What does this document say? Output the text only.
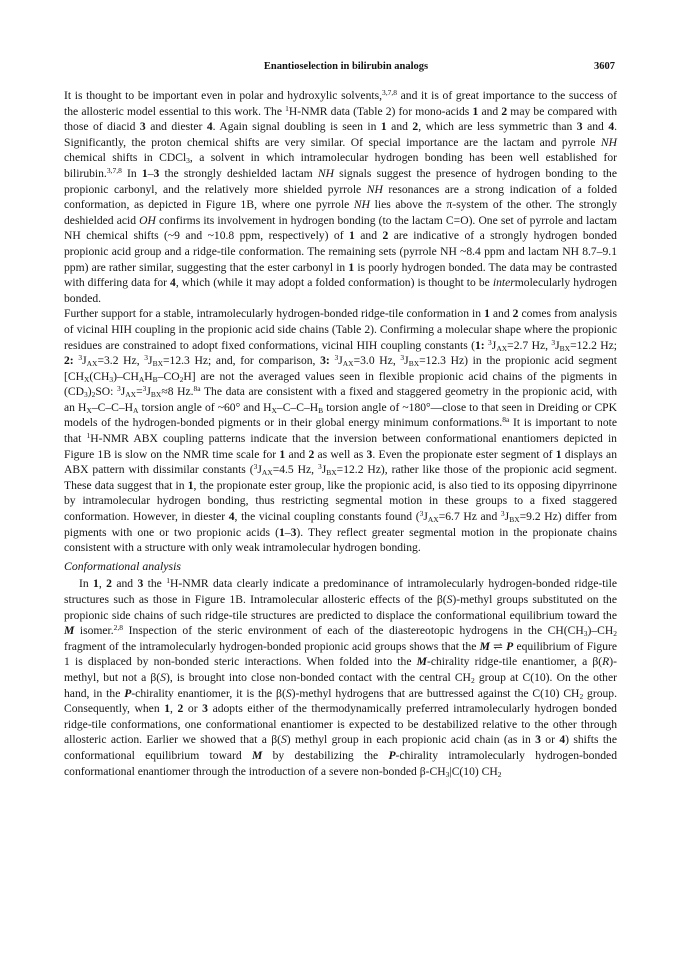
Enantioselection in bilirubin analogs	3607

It is thought to be important even in polar and hydroxylic solvents,$^{3,7,8}$ and it is of great importance to the success of the allosteric model essential to this work. The $^1$H-NMR data (Table 2) for mono-acids 1 and 2 may be compared with those of diacid 3 and diester 4. Again signal doubling is seen in 1 and 2, which are less symmetric than 3 and 4. Significantly, the proton chemical shifts are very similar. Of special importance are the lactam and pyrrole NH chemical shifts in CDCl$_3$, a solvent in which intramolecular hydrogen bonding has been well established for bilirubin.$^{3,7,8}$ In 1–3 the strongly deshielded lactam NH signals suggest the presence of hydrogen bonding to the propionic carbonyl, and the relatively more shielded pyrrole NH resonances are a strong indication of a folded conformation, as depicted in Figure 1B, where one pyrrole NH lies above the π-system of the other. The strongly deshielded acid OH confirms its involvement in hydrogen bonding (to the lactam C=O). One set of pyrrole and lactam NH chemical shifts (~9 and ~10.8 ppm, respectively) of 1 and 2 are indicative of a strongly hydrogen bonded propionic acid group and a ridge-tile conformation. The remaining sets (pyrrole NH ~8.4 ppm and lactam NH 8.7–9.1 ppm) are rather similar, suggesting that the ester carbonyl in 1 is poorly hydrogen bonded. The data may be contrasted with differing data for 4, which (while it may adopt a folded conformation) is thought to be intermolecularly hydrogen bonded.

Further support for a stable, intramolecularly hydrogen-bonded ridge-tile conformation in 1 and 2 comes from analysis of vicinal HIH coupling in the propionic acid side chains (Table 2). Confirming a molecular shape where the propionic residues are constrained to adopt fixed conformations, vicinal HIH coupling constants (1: $^3J_{AX}=2.7$ Hz, $^3J_{BX}=12.2$ Hz; 2: $^3J_{AX}=3.2$ Hz, $^3J_{BX}=12.3$ Hz; and, for comparison, 3: $^3J_{AX}=3.0$ Hz, $^3J_{BX}=12.3$ Hz) in the propionic acid segment $[CH_X(CH_3)-CH_AH_B-CO_2H]$ are not the averaged values seen in flexible propionic acid chains of the pigments in $(CD_3)_2SO$: $^3J_{AX}=^3J_{BX}\approx 8$ Hz.$^{8a}$ The data are consistent with a fixed and staggered geometry in the propionic acid, with an $H_X-C-C-H_A$ torsion angle of ~60° and $H_X-C-C-H_B$ torsion angle of ~180°—close to that seen in Dreiding or CPK models of the hydrogen-bonded pigments or in their global energy minimum conformations.$^{8a}$ It is important to note that $^1$H-NMR ABX coupling patterns indicate that the inversion between conformational enantiomers depicted in Figure 1B is slow on the NMR time scale for 1 and 2 as well as 3. Even the propionate ester segment of 1 displays an ABX pattern with dissimilar constants ($^3J_{AX}=4.5$ Hz, $^3J_{BX}=12.2$ Hz), rather like those of the propionic acid segment. These data suggest that in 1, the propionate ester group, like the propionic acid, is also tied to its opposing dipyrrinone by intramolecular hydrogen bonding, thus restricting segmental motion in these groups to a fixed staggered conformation. However, in diester 4, the vicinal coupling constants found ($^3J_{AX}=6.7$ Hz and $^3J_{BX}=9.2$ Hz) differ from pigments with one or two propionic acids (1–3). They reflect greater segmental motion in the propionate chains consistent with a structure with only weak intramolecular hydrogen bonding.

Conformational analysis

In 1, 2 and 3 the $^1$H-NMR data clearly indicate a predominance of intramolecularly hydrogen-bonded ridge-tile structures such as those in Figure 1B. Intramolecular allosteric effects of the β(S)-methyl groups substituted on the propionic side chains of such ridge-tile structures are predicted to displace the conformational equilibrium toward the M isomer.$^{2,8}$ Inspection of the steric environment of each of the diastereotopic hydrogens in the $CH(CH_3)-CH_2$ fragment of the intramolecularly hydrogen-bonded propionic acid groups shows that the M ⇌ P equilibrium of Figure 1 is displaced by non-bonded steric interactions. When folded into the M-chirality ridge-tile enantiomer, a β(R)-methyl, but not a β(S), is brought into close non-bonded contact with the central $CH_2$ group at C(10). On the other hand, in the P-chirality enantiomer, it is the β(S)-methyl hydrogens that are buttressed against the C(10) $CH_2$ group. Consequently, when 1, 2 or 3 adopts either of the thermodynamically preferred intramolecularly hydrogen bonded ridge-tile conformations, one conformational enantiomer is expected to be destabilized relative to the other through allosteric action. Earlier we showed that a β(S) methyl group in each propionic acid chain (as in 3 or 4) shifts the conformational equilibrium toward M by destabilizing the P-chirality intramolecularly hydrogen-bonded conformational enantiomer through the introduction of a severe non-bonded $\beta-CH_3|C(10)$ $CH_2$
